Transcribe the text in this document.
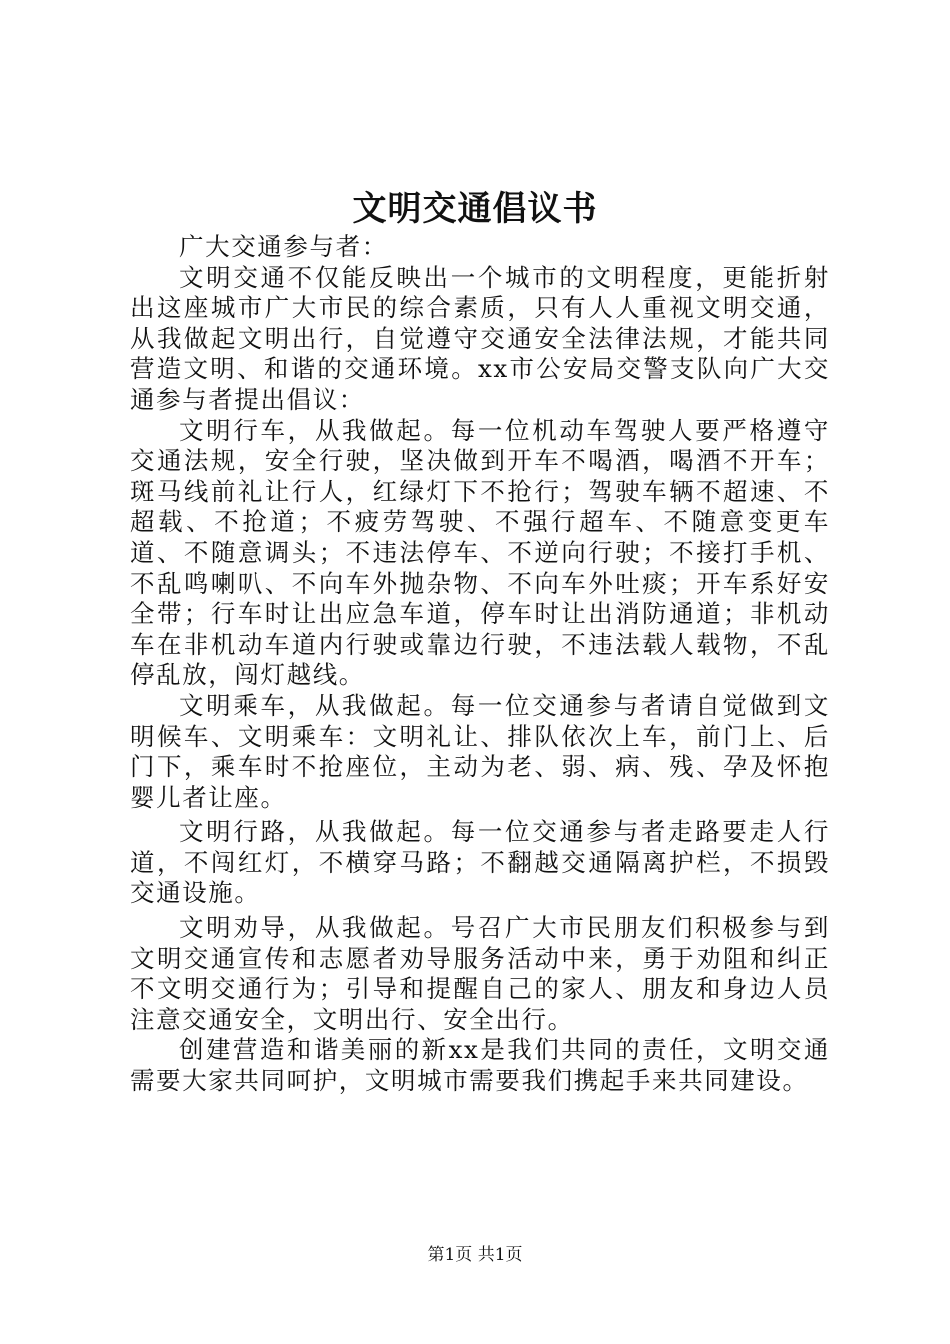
文明交通倡议书

广大交通参与者：

文明交通不仅能反映出一个城市的文明程度，更能折射出这座城市广大市民的综合素质，只有人人重视文明交通，从我做起文明出行，自觉遵守交通安全法律法规，才能共同营造文明、和谐的交通环境。xx市公安局交警支队向广大交通参与者提出倡议：

文明行车，从我做起。每一位机动车驾驶人要严格遵守交通法规，安全行驶，坚决做到开车不喝酒，喝酒不开车；斑马线前礼让行人，红绿灯下不抢行；驾驶车辆不超速、不超载、不抢道；不疲劳驾驶、不强行超车、不随意变更车道、不随意调头；不违法停车、不逆向行驶；不接打手机、不乱鸣喇叭、不向车外抛杂物、不向车外吐痰；开车系好安全带；行车时让出应急车道，停车时让出消防通道；非机动车在非机动车道内行驶或靠边行驶，不违法载人载物，不乱停乱放，闯灯越线。

文明乘车，从我做起。每一位交通参与者请自觉做到文明候车、文明乘车：文明礼让、排队依次上车，前门上、后门下，乘车时不抢座位，主动为老、弱、病、残、孕及怀抱婴儿者让座。

文明行路，从我做起。每一位交通参与者走路要走人行道，不闯红灯，不横穿马路；不翻越交通隔离护栏，不损毁交通设施。

文明劝导，从我做起。号召广大市民朋友们积极参与到文明交通宣传和志愿者劝导服务活动中来，勇于劝阻和纠正不文明交通行为；引导和提醒自己的家人、朋友和身边人员注意交通安全，文明出行、安全出行。

创建营造和谐美丽的新xx是我们共同的责任，文明交通需要大家共同呵护，文明城市需要我们携起手来共同建设。

第1页 共1页
